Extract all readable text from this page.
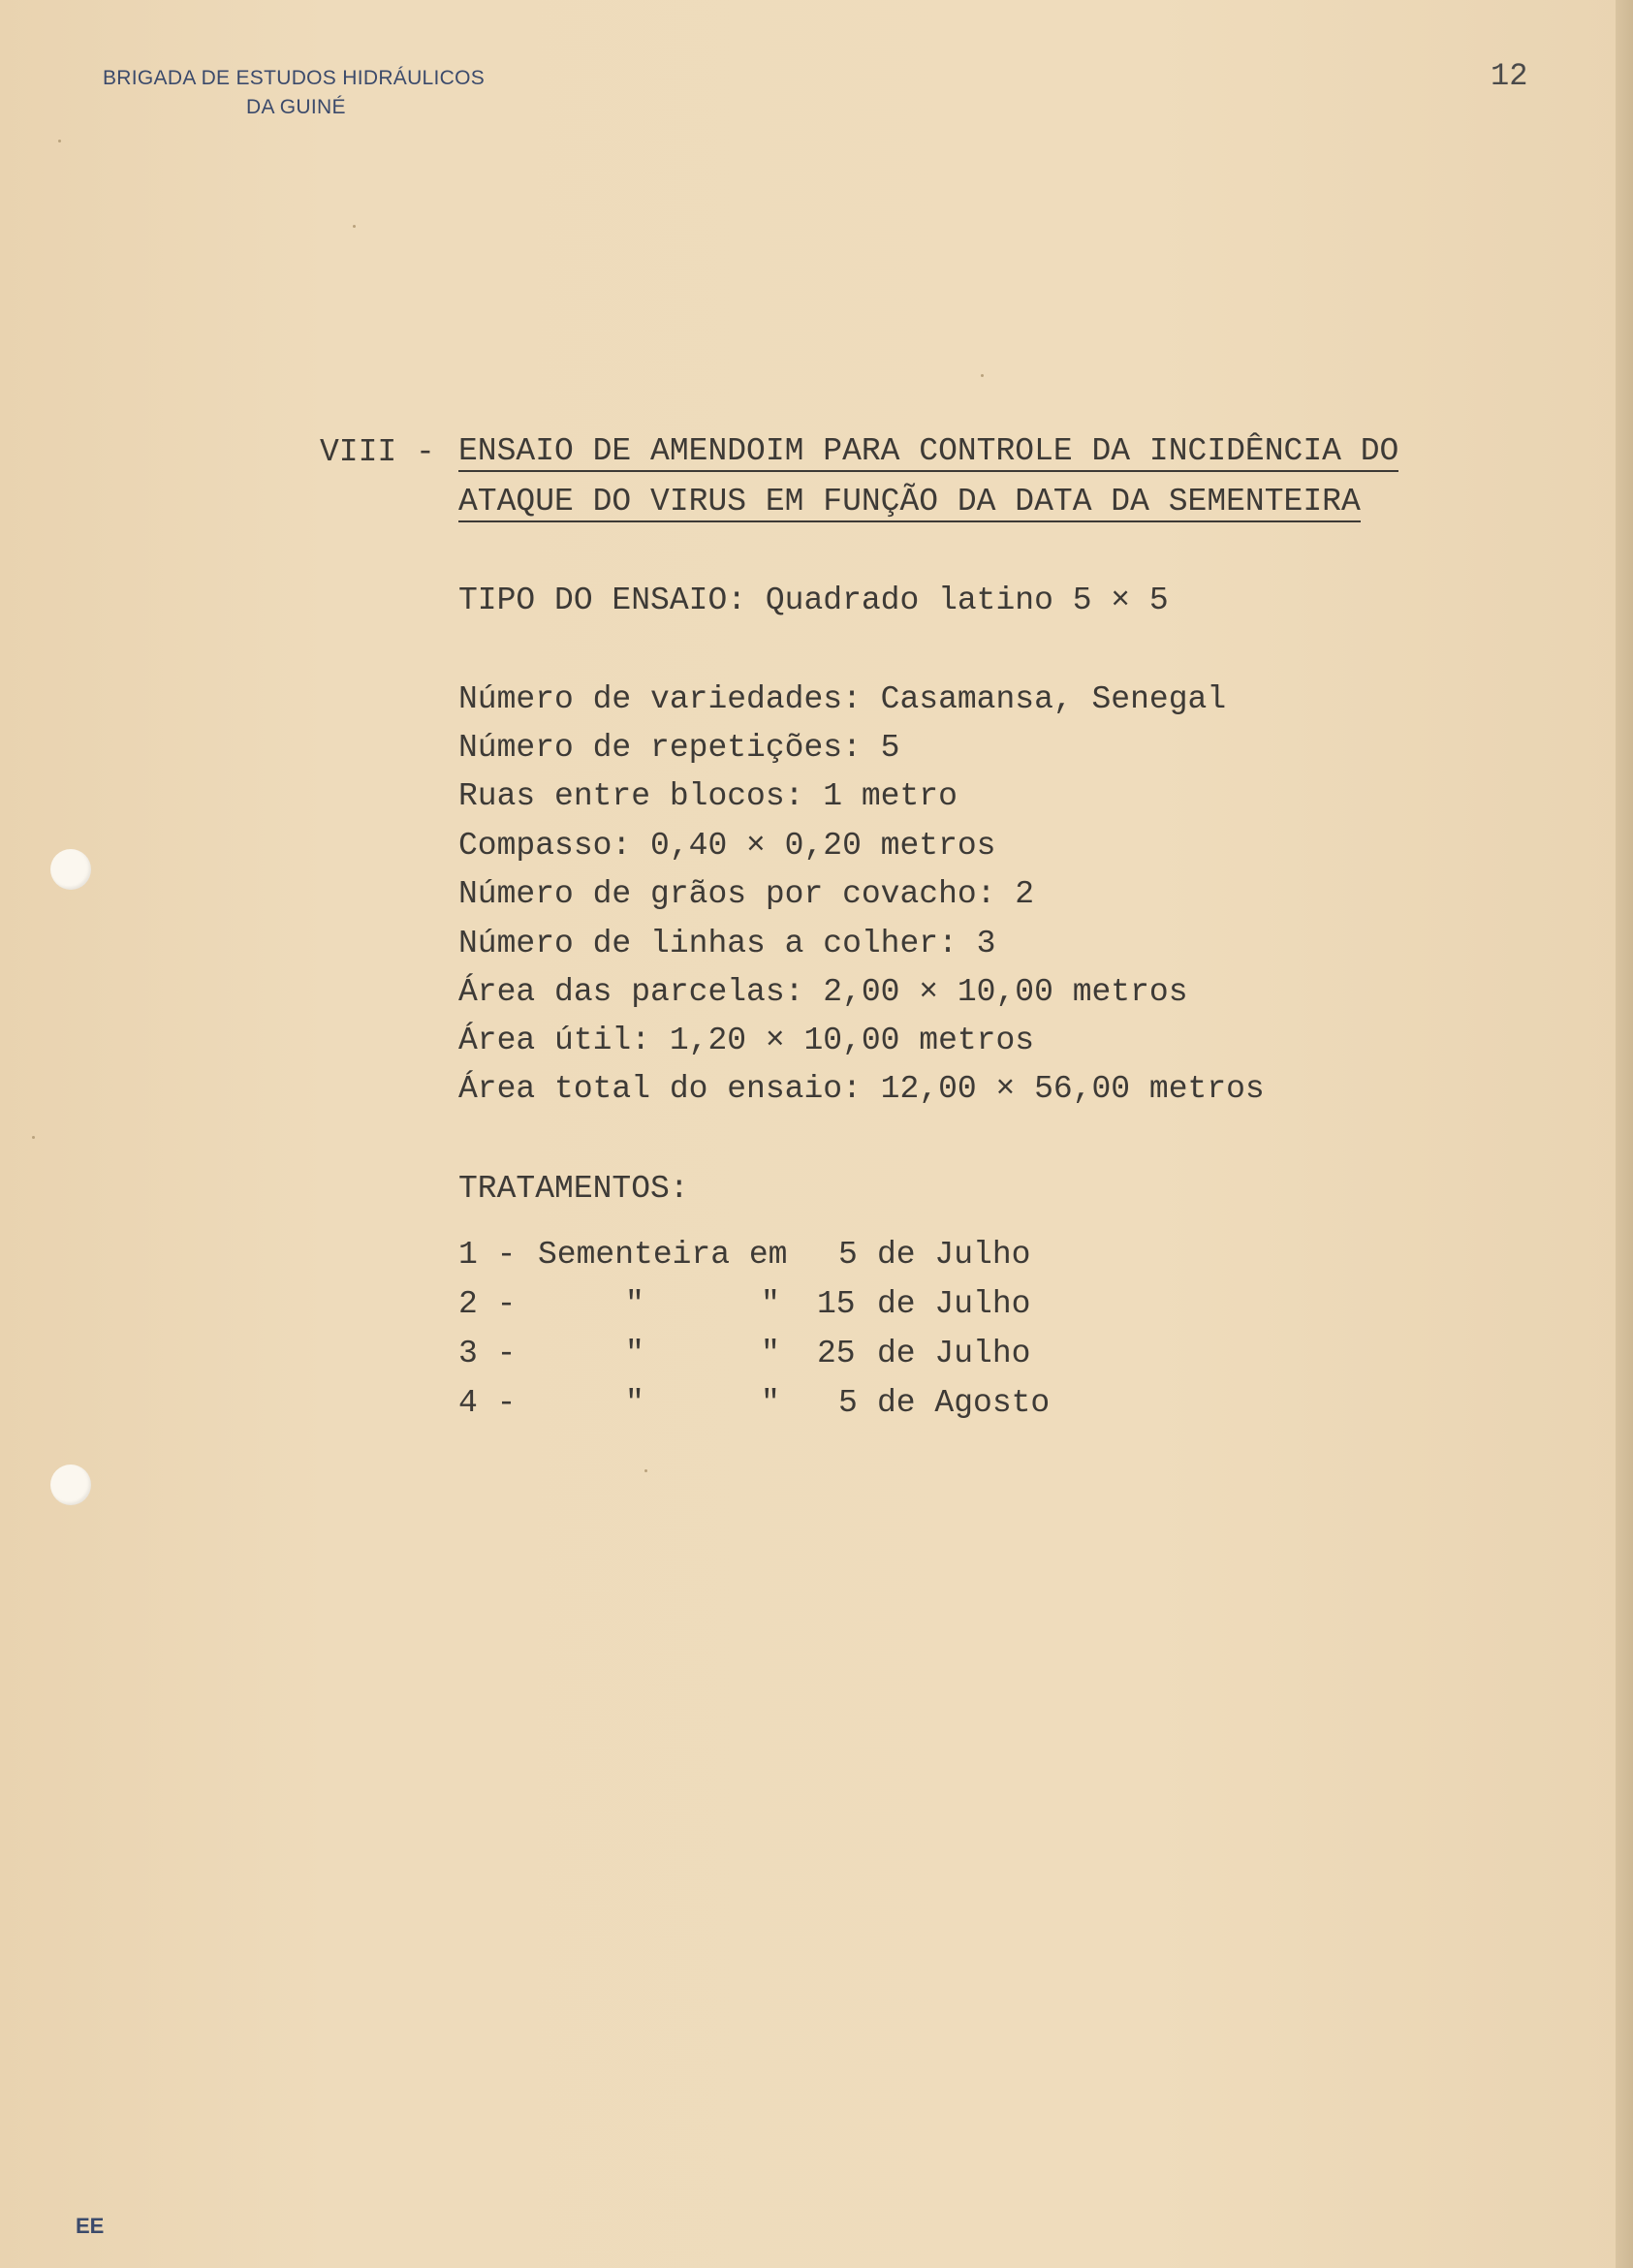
BRIGADA DE ESTUDOS HIDRÁULICOS
DA GUINÉ
12
VIII - ENSAIO DE AMENDOIM PARA CONTROLE DA INCIDÊNCIA DO
ATAQUE DO VIRUS EM FUNÇÃO DA DATA DA SEMENTEIRA
TIPO DO ENSAIO: Quadrado latino 5 × 5
Número de variedades: Casamansa, Senegal
Número de repetições: 5
Ruas entre blocos: 1 metro
Compasso: 0,40 × 0,20 metros
Número de grãos por covacho: 2
Número de linhas a colher: 3
Área das parcelas: 2,00 × 10,00 metros
Área útil: 1,20 × 10,00 metros
Área total do ensaio: 12,00 × 56,00 metros
TRATAMENTOS:
1 - Sementeira em 5 de Julho
2 -	"	" 15 de Julho
3 -	"	" 25 de Julho
4 -	"	" 5 de Agosto
EE
